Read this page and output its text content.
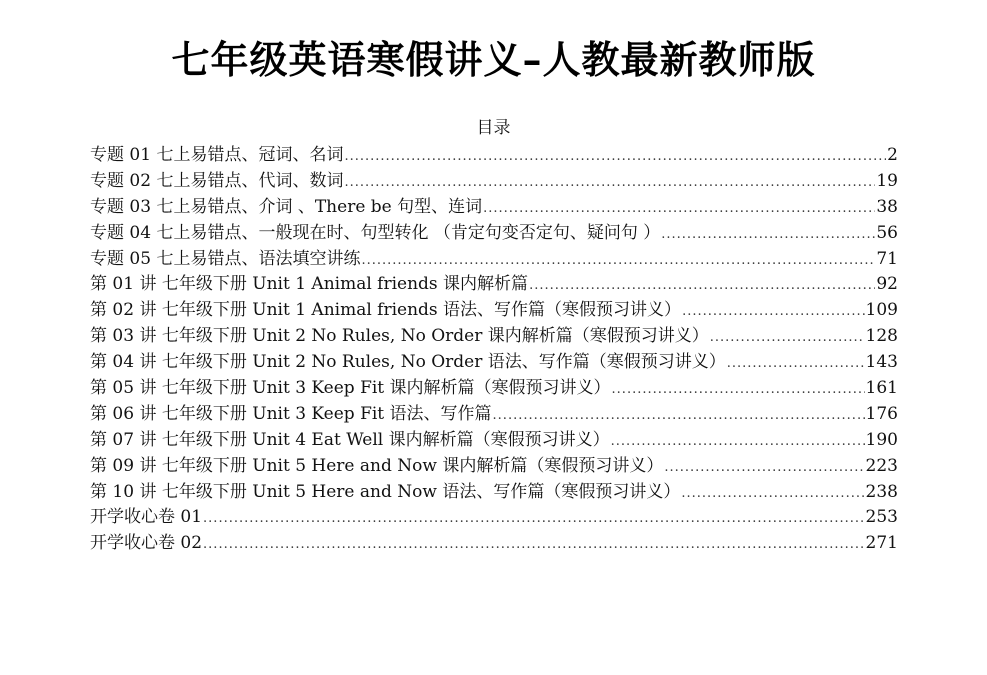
七年级英语寒假讲义–人教最新教师版
目录
专题 01 七上易错点、冠词、名词 .....	2
专题 02 七上易错点、代词、数词 .....	19
专题 03 七上易错点、介词 、There be 句型、连词 .....	38
专题 04 七上易错点、一般现在时、句型转化 （肯定句变否定句、疑问句 ） .....	56
专题 05 七上易错点、语法填空讲练 .....	71
第 01 讲 七年级下册 Unit 1 Animal friends 课内解析篇 .....	92
第 02 讲 七年级下册 Unit 1 Animal friends 语法、写作篇（寒假预习讲义） .....	109
第 03 讲 七年级下册 Unit 2 No Rules, No Order 课内解析篇（寒假预习讲义） .....	128
第 04 讲 七年级下册 Unit 2 No Rules, No Order 语法、写作篇（寒假预习讲义） .....	143
第 05 讲 七年级下册 Unit 3 Keep Fit 课内解析篇（寒假预习讲义） .....	161
第 06 讲 七年级下册 Unit 3 Keep Fit 语法、写作篇 .....	176
第 07 讲 七年级下册 Unit 4 Eat Well 课内解析篇（寒假预习讲义） .....	190
第 09 讲 七年级下册 Unit 5 Here and Now 课内解析篇（寒假预习讲义） .....	223
第 10 讲 七年级下册 Unit 5 Here and Now 语法、写作篇（寒假预习讲义） .....	238
开学收心卷 01 .....	253
开学收心卷 02 .....	271
